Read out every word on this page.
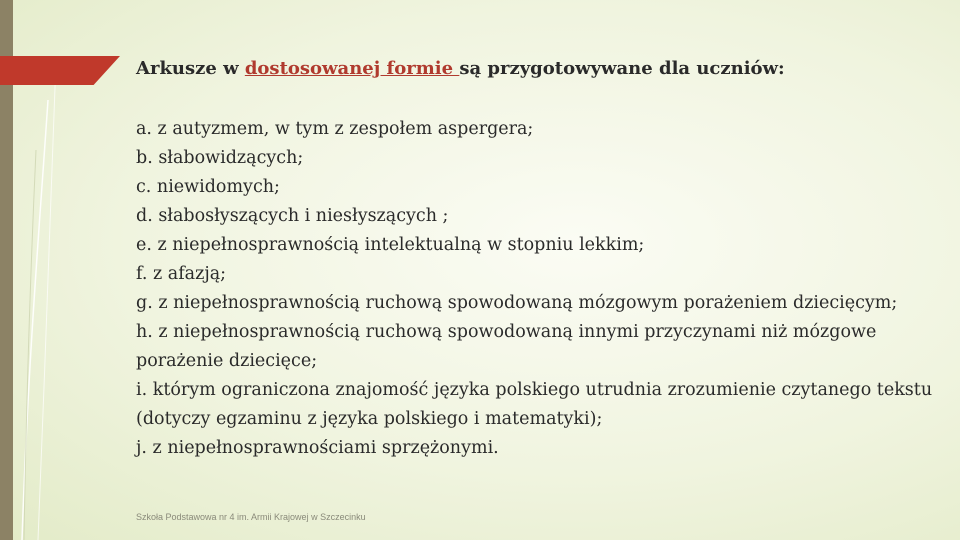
Arkusze w dostosowanej formie są przygotowywane dla uczniów:
a. z autyzmem, w tym z zespołem aspergera;
b. słabowidzących;
c. niewidomych;
d. słabosłyszących i niesłyszących ;
e. z niepełnosprawnością intelektualną w stopniu lekkim;
f. z afazją;
g. z niepełnosprawnością ruchową spowodowaną mózgowym porażeniem dziecięcym;
h. z niepełnosprawnością ruchową spowodowaną innymi przyczynami niż mózgowe porażenie dziecięce;
i. którym ograniczona znajomość języka polskiego utrudnia zrozumienie czytanego tekstu (dotyczy egzaminu z języka polskiego i matematyki);
j. z niepełnosprawnościami sprzężonymi.
Szkoła Podstawowa nr 4 im. Armii Krajowej w Szczecinku
